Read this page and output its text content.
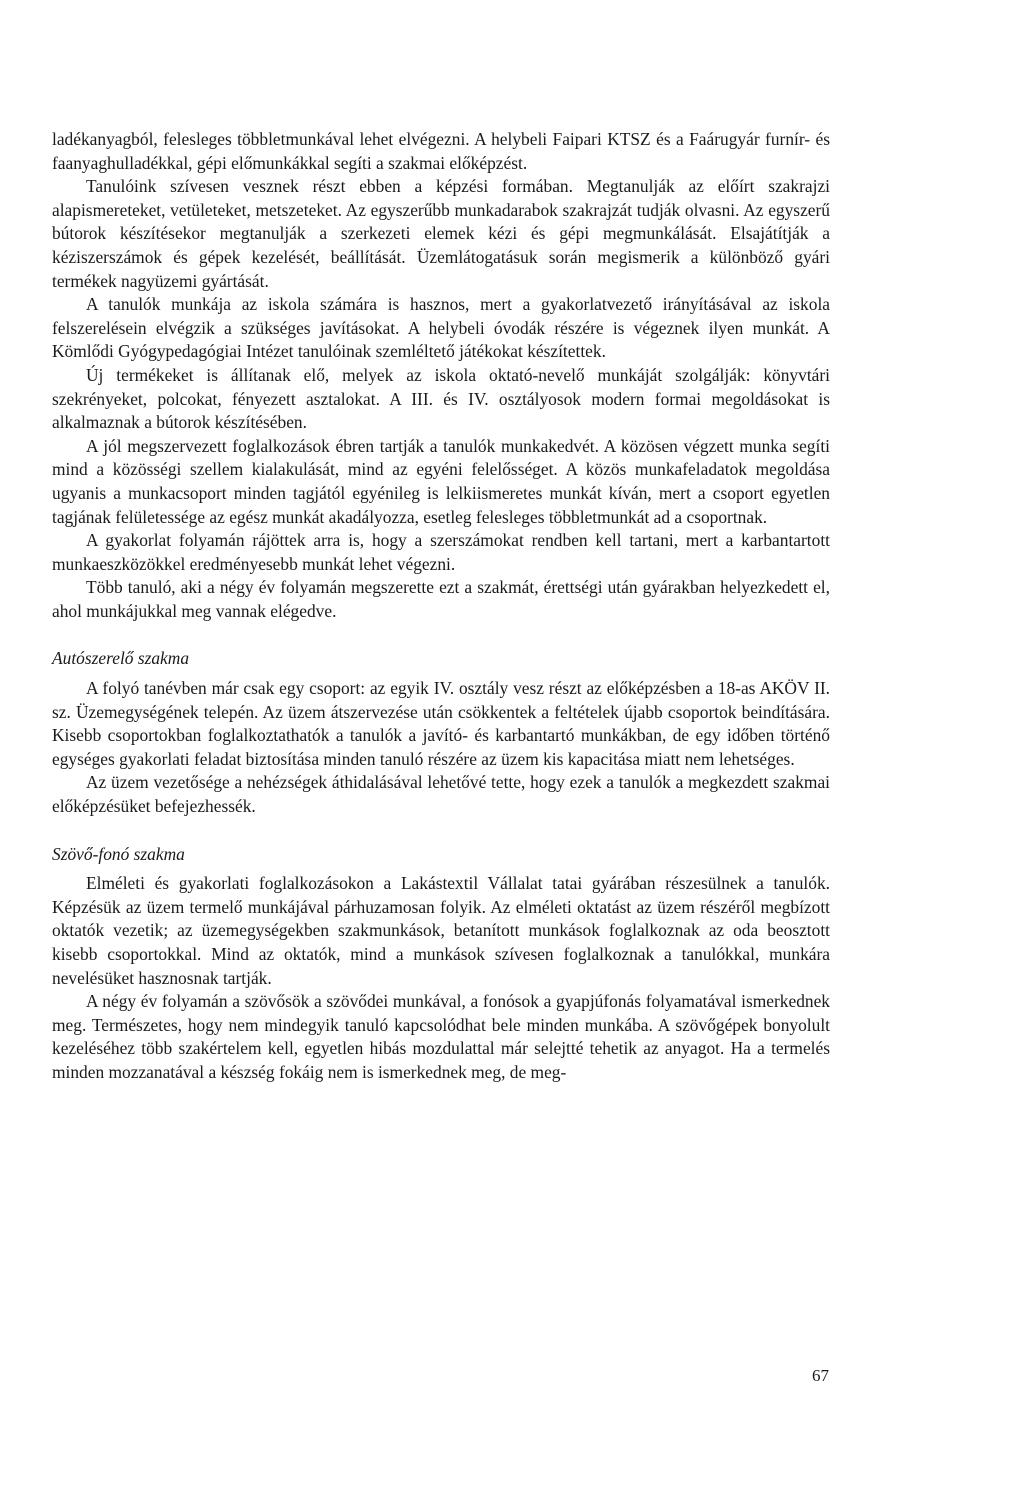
ladékanyagból, felesleges többletmunkával lehet elvégezni. A helybeli Faipari KTSZ és a Faárugyár furnír- és faanyaghulladékkal, gépi előmunkákkal segíti a szakmai előképzést.

Tanulóink szívesen vesznek részt ebben a képzési formában. Megtanulják az előírt szakrajzi alapismereteket, vetületeket, metszeteket. Az egyszerűbb munkadarabok szakrajzát tudják olvasni. Az egyszerű bútorok készítésekor megtanulják a szerkezeti elemek kézi és gépi megmunkálását. Elsajátítják a kéziszerszámok és gépek kezelését, beállítását. Üzemlátogatásuk során megismerik a különböző gyári termékek nagyüzemi gyártását.

A tanulók munkája az iskola számára is hasznos, mert a gyakorlatvezető irányításával az iskola felszerelésein elvégzik a szükséges javításokat. A helybeli óvodák részére is végeznek ilyen munkát. A Kömlődi Gyógypedagógiai Intézet tanulóinak szemléltető játékokat készítettek.

Új termékeket is állítanak elő, melyek az iskola oktató-nevelő munkáját szolgálják: könyvtári szekrényeket, polcokat, fényezett asztalokat. A III. és IV. osztályosok modern formai megoldásokat is alkalmaznak a bútorok készítésében.

A jól megszervezett foglalkozások ébren tartják a tanulók munkakedvét. A közösen végzett munka segíti mind a közösségi szellem kialakulását, mind az egyéni felelősséget. A közös munkafeladatok megoldása ugyanis a munkacsoport minden tagjától egyénileg is lelkiismeretes munkát kíván, mert a csoport egyetlen tagjának felületessége az egész munkát akadályozza, esetleg felesleges többletmunkát ad a csoportnak.

A gyakorlat folyamán rájöttek arra is, hogy a szerszámokat rendben kell tartani, mert a karbantartott munkaeszközökkel eredményesebb munkát lehet végezni.

Több tanuló, aki a négy év folyamán megszerette ezt a szakmát, érettségi után gyárakban helyezkedett el, ahol munkájukkal meg vannak elégedve.

Autószerelő szakma

A folyó tanévben már csak egy csoport: az egyik IV. osztály vesz részt az előképzésben a 18-as AKÖV II. sz. Üzemegységének telepén. Az üzem átszervezése után csökkentek a feltételek újabb csoportok beindítására. Kisebb csoportokban foglalkoztathatók a tanulók a javító- és karbantartó munkákban, de egy időben történő egységes gyakorlati feladat biztosítása minden tanuló részére az üzem kis kapacitása miatt nem lehetséges.

Az üzem vezetősége a nehézségek áthidalásával lehetővé tette, hogy ezek a tanulók a megkezdett szakmai előképzésüket befejezhessék.

Szövő-fonó szakma

Elméleti és gyakorlati foglalkozásokon a Lakástextil Vállalat tatai gyárában részesülnek a tanulók. Képzésük az üzem termelő munkájával párhuzamosan folyik. Az elméleti oktatást az üzem részéről megbízott oktatók vezetik; az üzemegységekben szakmunkások, betanított munkások foglalkoznak az oda beosztott kisebb csoportokkal. Mind az oktatók, mind a munkások szívesen foglalkoznak a tanulókkal, munkára nevelésüket hasznosnak tartják.

A négy év folyamán a szövősök a szövődei munkával, a fonósok a gyapjúfonás folyamatával ismerkednek meg. Természetes, hogy nem mindegyik tanuló kapcsolódhat bele minden munkába. A szövőgépek bonyolult kezeléséhez több szakértelem kell, egyetlen hibás mozdulattal már selejtté tehetik az anyagot. Ha a termelés minden mozzanatával a készség fokáig nem is ismerkednek meg, de meg-

67
